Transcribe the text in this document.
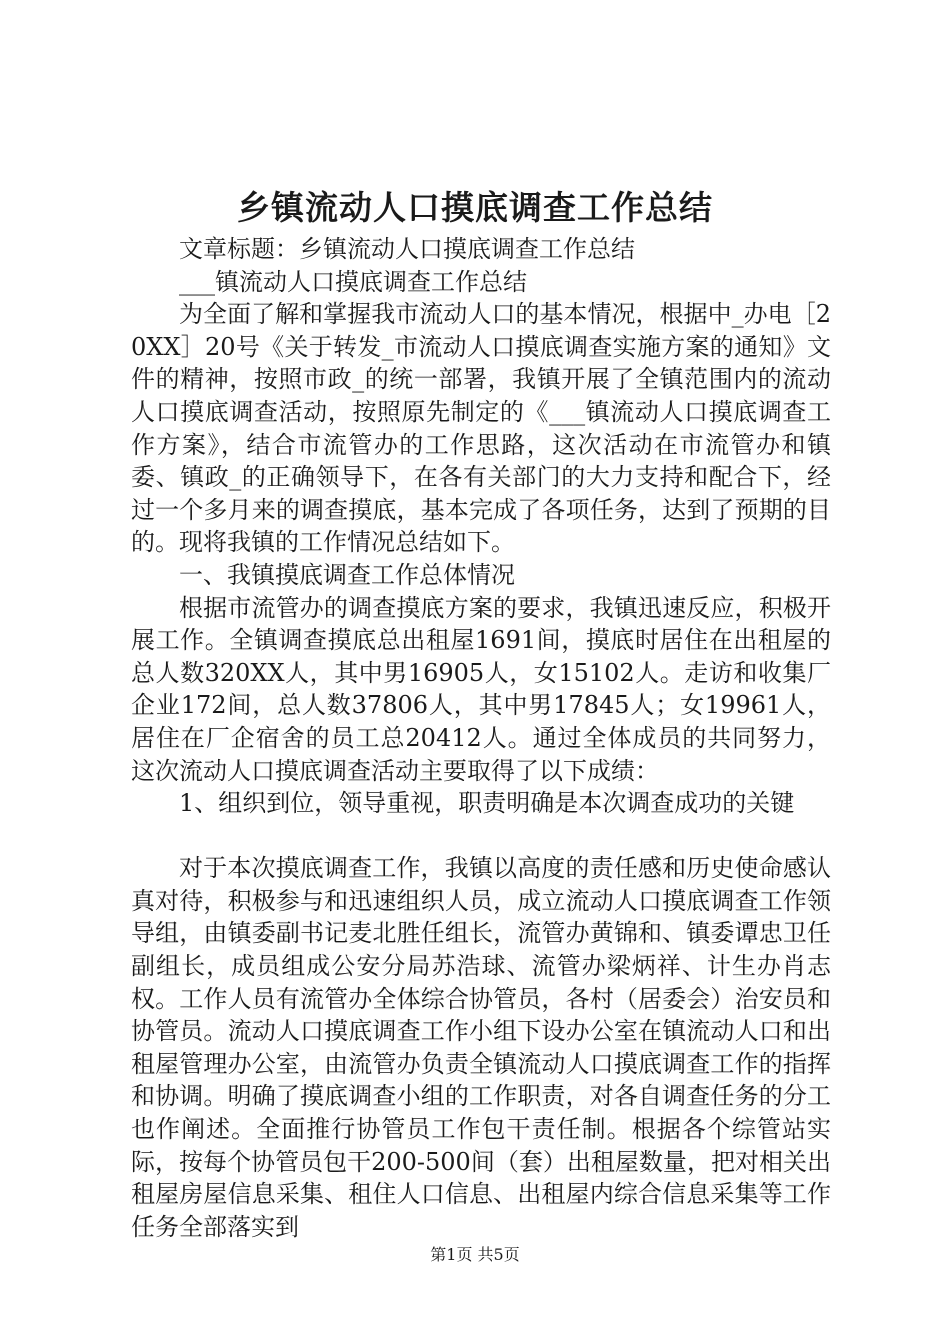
乡镇流动人口摸底调查工作总结

文章标题：乡镇流动人口摸底调查工作总结

___镇流动人口摸底调查工作总结

为全面了解和掌握我市流动人口的基本情况，根据中_办电［20XX］20号《关于转发_市流动人口摸底调查实施方案的通知》文件的精神，按照市政_的统一部署，我镇开展了全镇范围内的流动人口摸底调查活动，按照原先制定的《___镇流动人口摸底调查工作方案》，结合市流管办的工作思路，这次活动在市流管办和镇委、镇政_的正确领导下，在各有关部门的大力支持和配合下，经过一个多月来的调查摸底，基本完成了各项任务，达到了预期的目的。现将我镇的工作情况总结如下。

一、我镇摸底调查工作总体情况

根据市流管办的调查摸底方案的要求，我镇迅速反应，积极开展工作。全镇调查摸底总出租屋1691间，摸底时居住在出租屋的总人数320XX人，其中男16905人，女15102人。走访和收集厂企业172间，总人数37806人，其中男17845人；女19961人，居住在厂企宿舍的员工总20412人。通过全体成员的共同努力，这次流动人口摸底调查活动主要取得了以下成绩：

1、组织到位，领导重视，职责明确是本次调查成功的关键

对于本次摸底调查工作，我镇以高度的责任感和历史使命感认真对待，积极参与和迅速组织人员，成立流动人口摸底调查工作领导组，由镇委副书记麦北胜任组长，流管办黄锦和、镇委谭忠卫任副组长，成员组成公安分局苏浩球、流管办梁炳祥、计生办肖志权。工作人员有流管办全体综合协管员，各村（居委会）治安员和协管员。流动人口摸底调查工作小组下设办公室在镇流动人口和出租屋管理办公室，由流管办负责全镇流动人口摸底调查工作的指挥和协调。明确了摸底调查小组的工作职责，对各自调查任务的分工也作阐述。全面推行协管员工作包干责任制。根据各个综管站实际，按每个协管员包干200-500间（套）出租屋数量，把对相关出租屋房屋信息采集、租住人口信息、出租屋内综合信息采集等工作任务全部落实到

第1页 共5页
